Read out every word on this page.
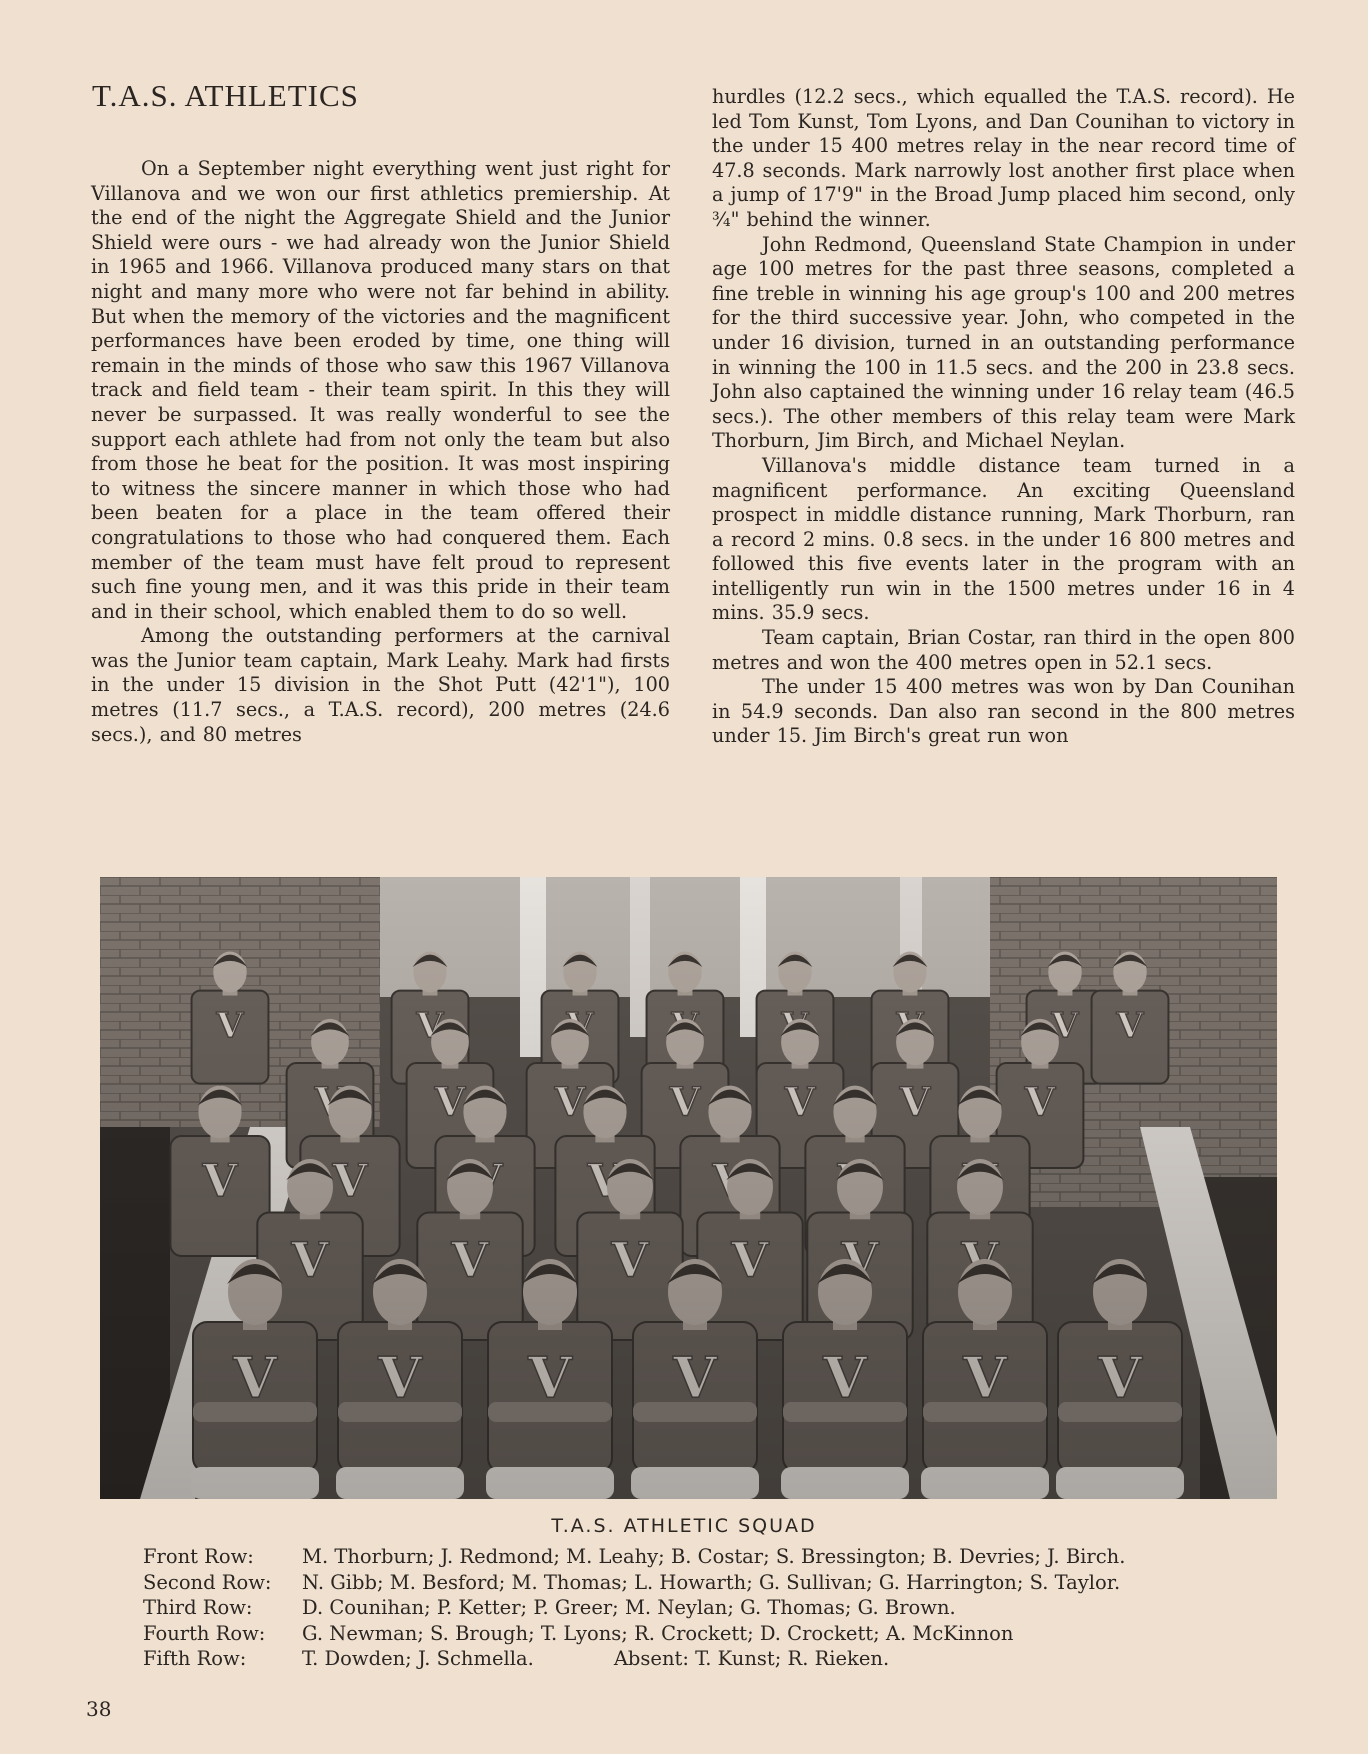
T.A.S. ATHLETICS

On a September night everything went just right for Villanova and we won our first athletics premiership. At the end of the night the Aggregate Shield and the Junior Shield were ours - we had already won the Junior Shield in 1965 and 1966. Villanova produced many stars on that night and many more who were not far behind in ability. But when the memory of the victories and the magnificent performances have been eroded by time, one thing will remain in the minds of those who saw this 1967 Villanova track and field team - their team spirit. In this they will never be surpassed. It was really wonderful to see the support each athlete had from not only the team but also from those he beat for the position. It was most inspiring to witness the sincere manner in which those who had been beaten for a place in the team offered their congratulations to those who had conquered them. Each member of the team must have felt proud to represent such fine young men, and it was this pride in their team and in their school, which enabled them to do so well.

Among the outstanding performers at the carnival was the Junior team captain, Mark Leahy. Mark had firsts in the under 15 division in the Shot Putt (42'1"), 100 metres (11.7 secs., a T.A.S. record), 200 metres (24.6 secs.), and 80 metres

hurdles (12.2 secs., which equalled the T.A.S. record). He led Tom Kunst, Tom Lyons, and Dan Counihan to victory in the under 15 400 metres relay in the near record time of 47.8 seconds. Mark narrowly lost another first place when a jump of 17'9" in the Broad Jump placed him second, only ¾" behind the winner.

John Redmond, Queensland State Champion in under age 100 metres for the past three seasons, completed a fine treble in winning his age group's 100 and 200 metres for the third successive year. John, who competed in the under 16 division, turned in an outstanding performance in winning the 100 in 11.5 secs. and the 200 in 23.8 secs. John also captained the winning under 16 relay team (46.5 secs.). The other members of this relay team were Mark Thorburn, Jim Birch, and Michael Neylan.

Villanova's middle distance team turned in a magnificent performance. An exciting Queensland prospect in middle distance running, Mark Thorburn, ran a record 2 mins. 0.8 secs. in the under 16 800 metres and followed this five events later in the program with an intelligently run win in the 1500 metres under 16 in 4 mins. 35.9 secs.

Team captain, Brian Costar, ran third in the open 800 metres and won the 400 metres open in 52.1 secs.

The under 15 400 metres was won by Dan Counihan in 54.9 seconds. Dan also ran second in the 800 metres under 15. Jim Birch's great run won

T.A.S. ATHLETIC SQUAD
Front Row:	M. Thorburn; J. Redmond; M. Leahy; B. Costar; S. Bressington; B. Devries; J. Birch.
Second Row:	N. Gibb; M. Besford; M. Thomas; L. Howarth; G. Sullivan; G. Harrington; S. Taylor.
Third Row:	D. Counihan; P. Ketter; P. Greer; M. Neylan; G. Thomas; G. Brown.
Fourth Row:	G. Newman; S. Brough; T. Lyons; R. Crockett; D. Crockett; A. McKinnon
Fifth Row:	T. Dowden; J. Schmella.	Absent: T. Kunst; R. Rieken.
38
